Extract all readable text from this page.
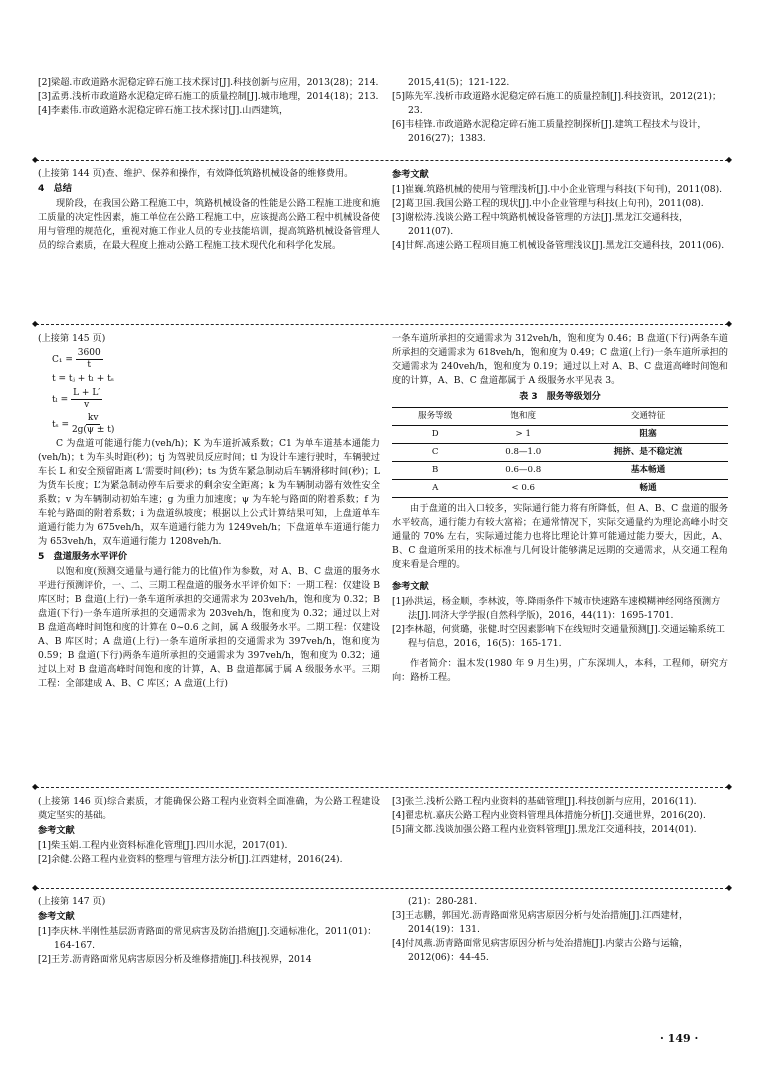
[2]梁超.市政道路水泥稳定碎石施工技术探讨[J].科技创新与应用，2013(28)；214.

[3]孟勇.浅析市政道路水泥稳定碎石施工的质量控制[J].城市地理，2014(18)；213.

[4]李素伟.市政道路水泥稳定碎石施工技术探讨[J].山西建筑，

2015,41(5)；121-122.

[5]陈先军.浅析市政道路水泥稳定碎石施工的质量控制[J].科技资讯，2012(21)；23.

[6]韦桂锋.市政道路水泥稳定碎石施工质量控制探析[J].建筑工程技术与设计，2016(27)；1383.

◆ ◆

(上接第 144 页)查、维护、保养和操作，有效降低筑路机械设备的维修费用。

4　总结

现阶段，在我国公路工程施工中，筑路机械设备的性能是公路工程施工进度和施工质量的决定性因素，施工单位在公路工程施工中，应该提高公路工程中机械设备使用与管理的规范化，重视对施工作业人员的专业技能培训，提高筑路机械设备管理人员的综合素质，在最大程度上推动公路工程施工技术现代化和科学化发展。

参考文献

[1]崔巍.筑路机械的使用与管理浅析[J].中小企业管理与科技(下旬刊)，2011(08).

[2]葛卫国.我国公路工程的现状[J].中小企业管理与科技(上旬刊)，2011(08).

[3]谢松涛.浅谈公路工程中筑路机械设备管理的方法[J].黑龙江交通科技，2011(07).

[4]甘辉.高速公路工程项目施工机械设备管理浅议[J].黑龙江交通科技，2011(06).

◆ ◆

(上接第 145 页)

$C_1 = \frac{3600}{t}$
t = tⱼ + tₗ + tₛ
$t_l = \frac{L + L'}{v}$
$t_s = \frac{kv}{2g(\psi \pm t)}$

C 为盘道可能通行能力(veh/h)；K 为车道折减系数；C1 为单车道基本通能力(veh/h)；t 为车头时距(秒)；tj 为驾驶员反应时间；tl 为设计车速行驶时，车辆驶过车长 L 和安全预留距离 L‘需要时间(秒)；ts 为货车紧急制动后车辆滑移时间(秒)；L 为货车长度；L’为紧急制动停车后要求的剩余安全距离；k 为车辆制动器有效性安全系数；v 为车辆制动初始车速；g 为重力加速度；ψ 为车轮与路面的附着系数；f 为车轮与路面的附着系数；i 为盘道纵坡度；根据以上公式计算结果可知，上盘道单车道通行能力为 675veh/h，双车道通行能力为 1249veh/h；下盘道单车道通行能力为 653veh/h，双车道通行能力 1208veh/h.

5　盘道服务水平评价

以饱和度(预测交通量与通行能力的比值)作为参数，对 A、B、C 盘道的服务水平进行预测评价，一、二、三期工程盘道的服务水平评价如下：一期工程：仅建设 B 库区时；B 盘道(上行)一条车道所承担的交通需求为 203veh/h，饱和度为 0.32；B 盘道(下行)一条车道所承担的交通需求为 203veh/h，饱和度为 0.32；通过以上对 B 盘道高峰时间饱和度的计算在 0~0.6 之间，属 A 级服务水平。二期工程：仅建设 A、B 库区时；A 盘道(上行)一条车道所承担的交通需求为 397veh/h，饱和度为 0.59；B 盘道(下行)两条车道所承担的交通需求为 397veh/h，饱和度为 0.32；通过以上对 B 盘道高峰时间饱和度的计算，A、B 盘道都属于属 A 级服务水平。三期工程：全部建成 A、B、C 库区；A 盘道(上行)

一条车道所承担的交通需求为 312veh/h，饱和度为 0.46；B 盘道(下行)两条车道所承担的交通需求为 618veh/h，饱和度为 0.49；C 盘道(上行)一条车道所承担的交通需求为 240veh/h，饱和度为 0.19；通过以上对 A、B、C 盘道高峰时间饱和度的计算，A、B、C 盘道都属于 A 级服务水平见表 3。

表 3　服务等级划分
服务等级	饱和度	交通特征
D	> 1	阻塞
C	0.8—1.0	拥挤、是不稳定流
B	0.6—0.8	基本畅通
A	< 0.6	畅通

由于盘道的出入口较多，实际通行能力将有所降低，但 A、B、C 盘道的服务水平较高，通行能力有较大富裕；在通常情况下，实际交通量约为理论高峰小时交通量的 70% 左右，实际通过能力也将比理论计算可能通过能力要大，因此，A、B、C 盘道所采用的技术标准与几何设计能够满足远期的交通需求，从交通工程角度来看是合理的。

参考文献

[1]孙洪运，杨金顺，李林波，等.降雨条件下城市快速路车速模糊神经网络预测方法[J].同济大学学报(自然科学版)，2016，44(11)：1695-1701.

[2]李林超，何赏璐，张健.时空因素影响下在线短时交通量预测[J].交通运输系统工程与信息，2016，16(5)：165-171.

作者简介：温木发(1980 年 9 月生)男，广东深圳人，本科，工程师，研究方向：路桥工程。

◆ ◆

(上接第 146 页)综合素质，才能确保公路工程内业资料全面准确，为公路工程建设奠定坚实的基础。

参考文献

[1]柴玉娟.工程内业资料标准化管理[J].四川水泥，2017(01).

[2]余健.公路工程内业资料的整理与管理方法分析[J].江西建材，2016(24).

[3]张兰.浅析公路工程内业资料的基础管理[J].科技创新与应用，2016(11).

[4]翟忠杭.嘉庆公路工程内业资料管理具体措施分析[J].交通世界，2016(20).

[5]蒲文都.浅谈加强公路工程内业资料管理[J].黑龙江交通科技，2014(01).

◆ ◆

(上接第 147 页)

参考文献

[1]李庆林.半刚性基层沥青路面的常见病害及防治措施[J].交通标准化，2011(01)：164-167.

[2]王芳.沥青路面常见病害原因分析及维修措施[J].科技视界，2014

(21)：280-281.

[3]王志鹏，郭国光.沥青路面常见病害原因分析与处治措施[J].江西建材，2014(19)：131.

[4]付凤燕.沥青路面常见病害原因分析与处治措施[J].内蒙古公路与运输，2012(06)：44-45.

· 149 ·
